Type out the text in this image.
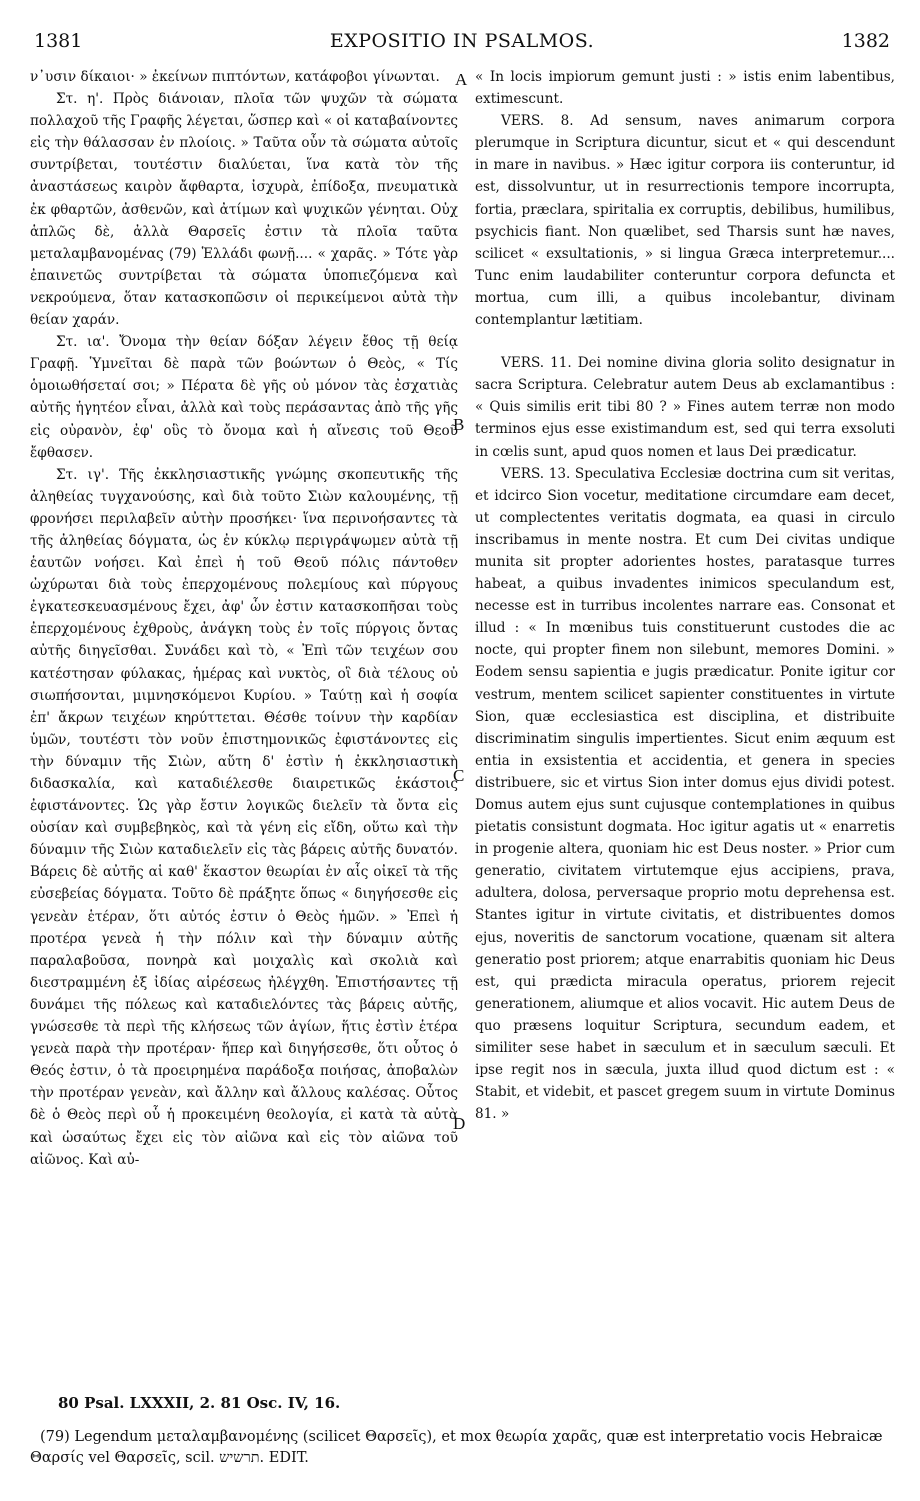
1381	EXPOSITIO IN PSALMOS.	1382

ν᾽υσιν δίκαιοι· » ἐκείνων πιπτόντων, κατάφοβοι γίνωνται.

Στ. η'. Πρὸς διάνοιαν, πλοῖα τῶν ψυχῶν τὰ σώματα πολλαχοῦ τῆς Γραφῆς λέγεται, ὥσπερ καὶ « οἱ καταβαίνοντες εἰς τὴν θάλασσαν ἐν πλοίοις. » Ταῦτα οὖν τὰ σώματα αὐτοῖς συντρίβεται, τουτέστιν διαλύεται, ἵνα κατὰ τὸν τῆς ἀναστάσεως καιρὸν ἄφθαρτα, ἰσχυρὰ, ἐπίδοξα, πνευματικὰ ἐκ φθαρτῶν, ἀσθενῶν, καὶ ἀτίμων καὶ ψυχικῶν γένηται. Οὐχ ἁπλῶς δὲ, ἀλλὰ Θαρσεῖς ἐστιν τὰ πλοῖα ταῦτα μεταλαμβανομένας (79) Ἑλλάδι φωνῇ.... « χαρᾶς. » Τότε γὰρ ἐπαινετῶς συντρίβεται τὰ σώματα ὑποπιεζόμενα καὶ νεκρούμενα, ὅταν κατασκοπῶσιν οἱ περικείμενοι αὐτὰ τὴν θείαν χαράν.

Στ. ια'. Ὄνομα τὴν θείαν δόξαν λέγειν ἔθος τῇ θείᾳ Γραφῇ. Ὑμνεῖται δὲ παρὰ τῶν βοώντων ὁ Θεὸς, « Τίς ὁμοιωθήσεταί σοι; » Πέρατα δὲ γῆς οὐ μόνον τὰς ἐσχατιὰς αὐτῆς ἡγητέον εἶναι, ἀλλὰ καὶ τοὺς περάσαντας ἀπὸ τῆς γῆς εἰς οὐρανὸν, ἐφ' οὓς τὸ ὄνομα καὶ ἡ αἴνεσις τοῦ Θεοῦ ἔφθασεν.

Στ. ιγ'. Τῆς ἐκκλησιαστικῆς γνώμης σκοπευτικῆς τῆς ἀληθείας τυγχανούσης, καὶ διὰ τοῦτο Σιὼν καλουμένης, τῇ φρονήσει περιλαβεῖν αὐτὴν προσήκει· ἵνα περινοήσαντες τὰ τῆς ἀληθείας δόγματα, ὡς ἐν κύκλῳ περιγράψωμεν αὐτὰ τῇ ἑαυτῶν νοήσει. Καὶ ἐπεὶ ἡ τοῦ Θεοῦ πόλις πάντοθεν ὠχύρωται διὰ τοὺς ἐπερχομένους πολεμίους καὶ πύργους ἐγκατεσκευασμένους ἔχει, ἀφ' ὧν ἐστιν κατασκοπῆσαι τοὺς ἐπερχομένους ἐχθροὺς, ἀνάγκη τοὺς ἐν τοῖς πύργοις ὄντας αὐτῆς διηγεῖσθαι. Συνάδει καὶ τὸ, « Ἐπὶ τῶν τειχέων σου κατέστησαν φύλακας, ἡμέρας καὶ νυκτὸς, οἳ διὰ τέλους οὐ σιωπήσονται, μιμνησκόμενοι Κυρίου. » Ταύτῃ καὶ ἡ σοφία ἐπ' ἄκρων τειχέων κηρύττεται. Θέσθε τοίνυν τὴν καρδίαν ὑμῶν, τουτέστι τὸν νοῦν ἐπιστημονικῶς ἐφιστάνοντες εἰς τὴν δύναμιν τῆς Σιὼν, αὕτη δ' ἐστὶν ἡ ἐκκλησιαστικὴ διδασκαλία, καὶ καταδιέλεσθε διαιρετικῶς ἑκάστοις ἐφιστάνοντες. Ὡς γὰρ ἔστιν λογικῶς διελεῖν τὰ ὄντα εἰς οὐσίαν καὶ συμβεβηκὸς, καὶ τὰ γένη εἰς εἴδη, οὕτω καὶ τὴν δύναμιν τῆς Σιὼν καταδιελεῖν εἰς τὰς βάρεις αὐτῆς δυνατόν. Βάρεις δὲ αὐτῆς αἱ καθ' ἕκαστον θεωρίαι ἐν αἷς οἰκεῖ τὰ τῆς εὐσεβείας δόγματα. Τοῦτο δὲ πράξητε ὅπως « διηγήσεσθε εἰς γενεὰν ἑτέραν, ὅτι αὐτός ἐστιν ὁ Θεὸς ἡμῶν. » Ἐπεὶ ἡ προτέρα γενεὰ ἡ τὴν πόλιν καὶ τὴν δύναμιν αὐτῆς παραλαβοῦσα, πονηρὰ καὶ μοιχαλὶς καὶ σκολιὰ καὶ διεστραμμένη ἐξ ἰδίας αἱρέσεως ἠλέγχθη. Ἐπιστήσαντες τῇ δυνάμει τῆς πόλεως καὶ καταδιελόντες τὰς βάρεις αὐτῆς, γνώσεσθε τὰ περὶ τῆς κλήσεως τῶν ἁγίων, ἥτις ἐστὶν ἑτέρα γενεὰ παρὰ τὴν προτέραν· ἥπερ καὶ διηγήσεσθε, ὅτι οὗτος ὁ Θεός ἐστιν, ὁ τὰ προειρημένα παράδοξα ποιήσας, ἀποβαλὼν τὴν προτέραν γενεὰν, καὶ ἄλλην καὶ ἄλλους καλέσας. Οὗτος δὲ ὁ Θεὸς περὶ οὗ ἡ προκειμένη θεολογία, εἰ κατὰ τὰ αὐτὰ καὶ ὡσαύτως ἔχει εἰς τὸν αἰῶνα καὶ εἰς τὸν αἰῶνα τοῦ αἰῶνος. Καὶ αὐ-

« In locis impiorum gemunt justi : » istis enim labentibus, extimescunt.

VERS. 8. Ad sensum, naves animarum corpora plerumque in Scriptura dicuntur, sicut et « qui descendunt in mare in navibus. » Hæc igitur corpora iis conteruntur, id est, dissolvuntur, ut in resurrectionis tempore incorrupta, fortia, præclara, spiritalia ex corruptis, debilibus, humilibus, psychicis fiant. Non quælibet, sed Tharsis sunt hæ naves, scilicet « exsultationis, » si lingua Græca interpretemur.... Tunc enim laudabiliter conteruntur corpora defuncta et mortua, cum illi, a quibus incolebantur, divinam contemplantur lætitiam.

VERS. 11. Dei nomine divina gloria solito designatur in sacra Scriptura. Celebratur autem Deus ab exclamantibus : « Quis similis erit tibi 80 ? » Fines autem terræ non modo terminos ejus esse existimandum est, sed qui terra exsoluti in cœlis sunt, apud quos nomen et laus Dei prædicatur.

VERS. 13. Speculativa Ecclesiæ doctrina cum sit veritas, et idcirco Sion vocetur, meditatione circumdare eam decet, ut complectentes veritatis dogmata, ea quasi in circulo inscribamus in mente nostra. Et cum Dei civitas undique munita sit propter adorientes hostes, paratasque turres habeat, a quibus invadentes inimicos speculandum est, necesse est in turribus incolentes narrare eas. Consonat et illud : « In mœnibus tuis constituerunt custodes die ac nocte, qui propter finem non silebunt, memores Domini. » Eodem sensu sapientia e jugis prædicatur. Ponite igitur cor vestrum, mentem scilicet sapienter constituentes in virtute Sion, quæ ecclesiastica est disciplina, et distribuite discriminatim singulis impertientes. Sicut enim æquum est entia in exsistentia et accidentia, et genera in species distribuere, sic et virtus Sion inter domus ejus dividi potest. Domus autem ejus sunt cujusque contemplationes in quibus pietatis consistunt dogmata. Hoc igitur agatis ut « enarretis in progenie altera, quoniam hic est Deus noster. » Prior cum generatio, civitatem virtutemque ejus accipiens, prava, adultera, dolosa, perversaque proprio motu deprehensa est. Stantes igitur in virtute civitatis, et distribuentes domos ejus, noveritis de sanctorum vocatione, quænam sit altera generatio post priorem; atque enarrabitis quoniam hic Deus est, qui prædicta miracula operatus, priorem rejecit generationem, aliumque et alios vocavit. Hic autem Deus de quo præsens loquitur Scriptura, secundum eadem, et similiter sese habet in sæculum et in sæculum sæculi. Et ipse regit nos in sæcula, juxta illud quod dictum est : « Stabit, et videbit, et pascet gregem suum in virtute Dominus 81. »

A
B
C
D
80 Psal. LXXXII, 2. 81 Osc. IV, 16.

(79) Legendum μεταλαμβανομένης (scilicet Θαρσεῖς), et mox θεωρία χαρᾶς, quæ est interpretatio vocis Hebraicæ Θαρσίς vel Θαρσεῖς, scil. תרשיש. EDIT.
